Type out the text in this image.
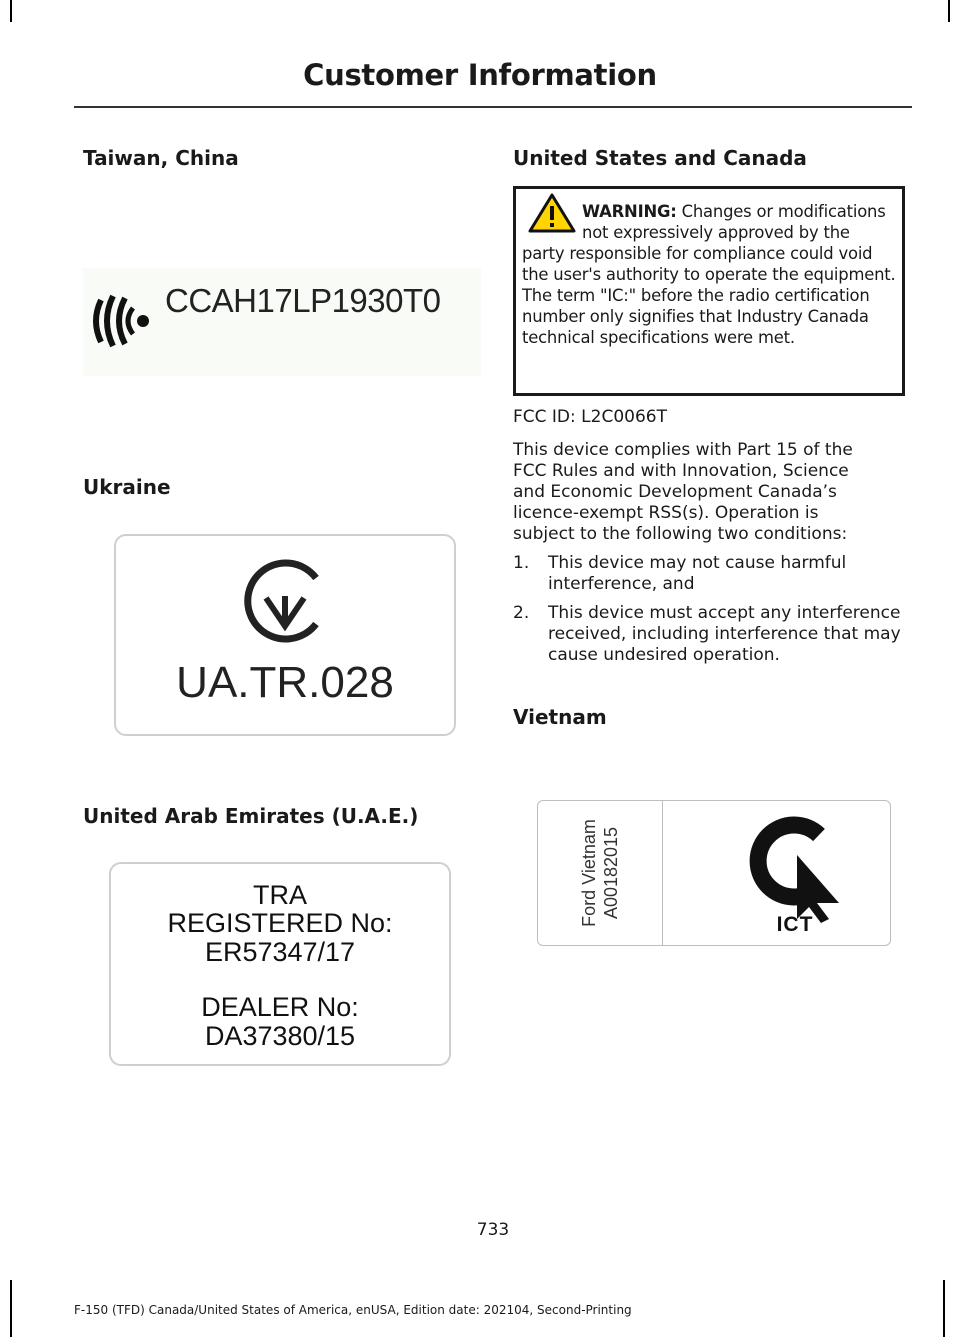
Customer Information
Taiwan, China
CCAH17LP1930T0
Ukraine
UA.TR.028
United Arab Emirates (U.A.E.)
TRA
REGISTERED No:
ER57347/17
DEALER No:
DA37380/15
United States and Canada
WARNING: Changes or modifications not expressively approved by the party responsible for compliance could void the user's authority to operate the equipment. The term "IC:" before the radio certification number only signifies that Industry Canada technical specifications were met.
FCC ID: L2C0066T
This device complies with Part 15 of the FCC Rules and with Innovation, Science and Economic Development Canada’s licence-exempt RSS(s). Operation is subject to the following two conditions:
1. This device may not cause harmful interference, and
2. This device must accept any interference received, including interference that may cause undesired operation.
Vietnam
Ford Vietnam A00182015
ICT
733
F-150 (TFD) Canada/United States of America, enUSA, Edition date: 202104, Second-Printing
